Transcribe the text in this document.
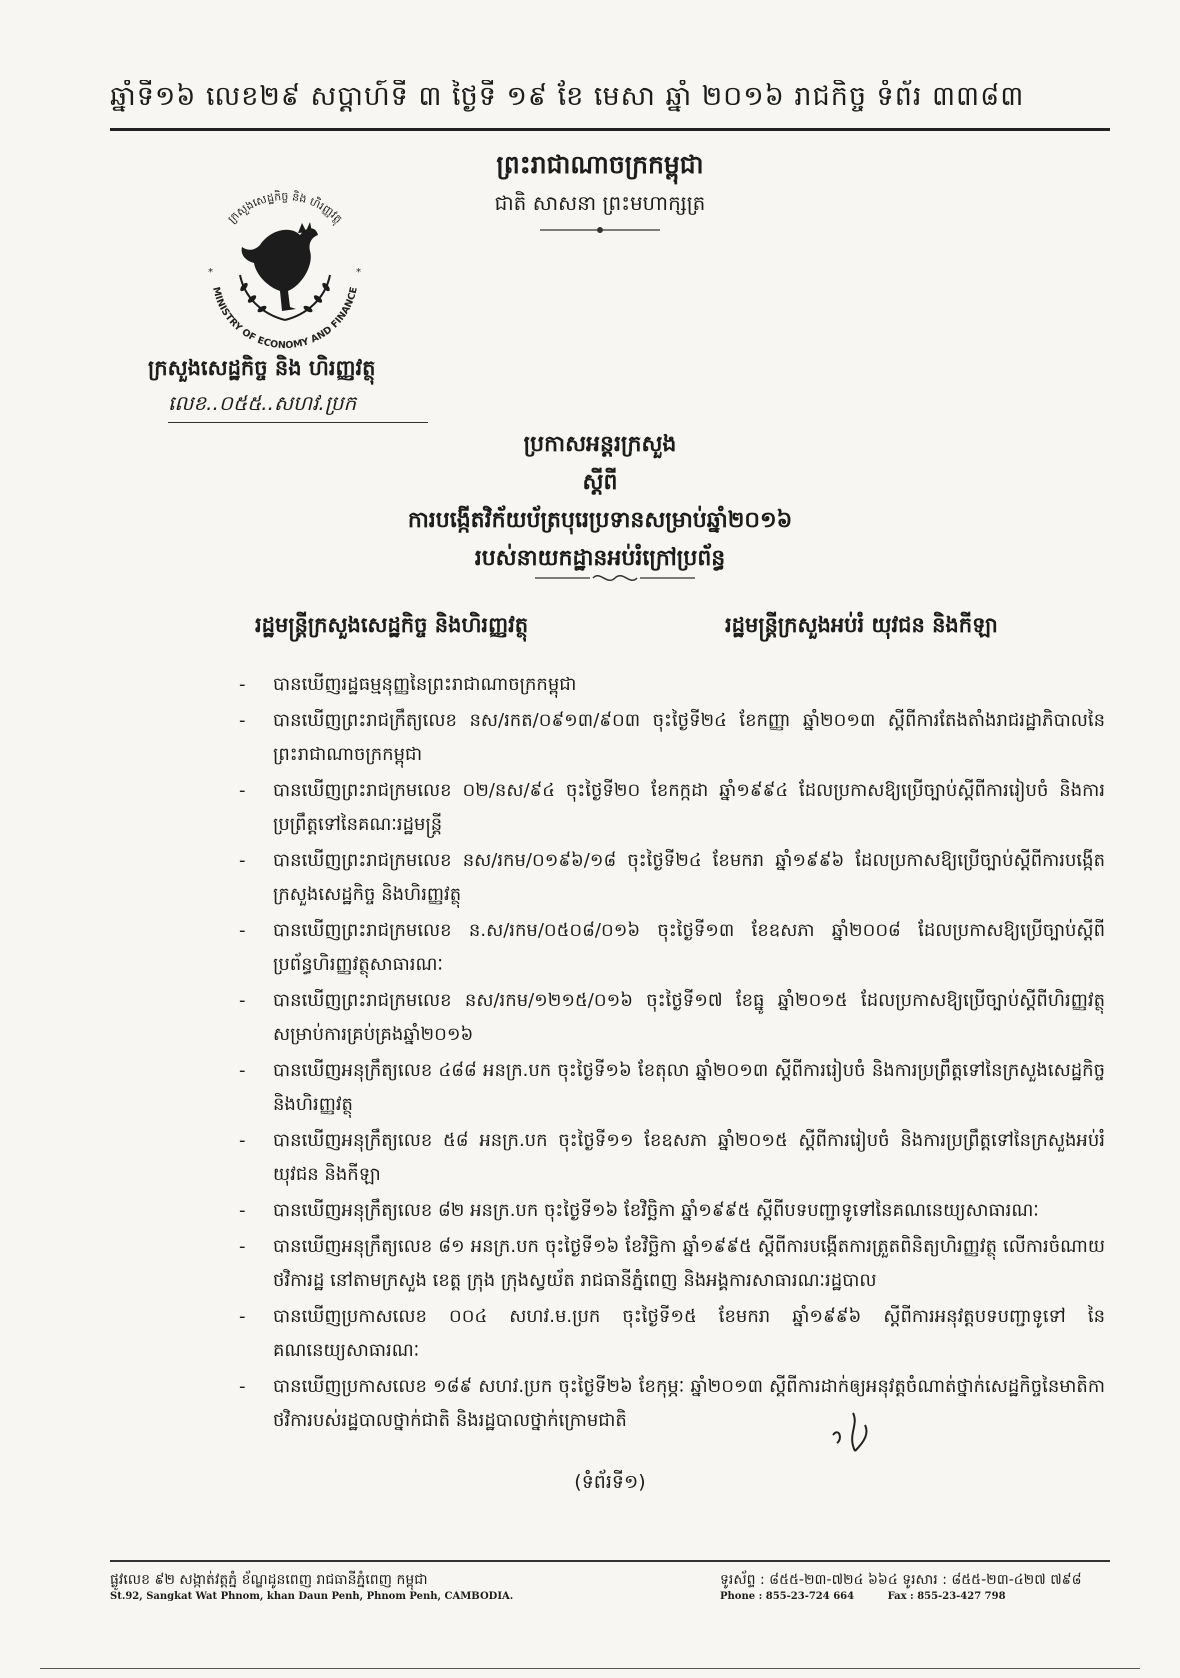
ឆ្នាំទី១៦ លេខ២៩ សប្តាហ៍ទី ៣ ថ្ងៃទី ១៩ ខែ មេសា ឆ្នាំ ២០១៦ រាជកិច្ច ទំព័រ ៣៣៨៣
ព្រះរាជាណាចក្រកម្ពុជា
ជាតិ សាសនា ព្រះមហាក្សត្រ
ក្រសួងសេដ្ឋកិច្ច និង ហិរញ្ញវត្ថុ
MINISTRY OF ECONOMY AND FINANCE
*	*
ក្រសួងសេដ្ឋកិច្ច និង ហិរញ្ញវត្ថុ
លេខ..០៥៥..សហវ.ប្រក
ប្រកាសអន្តរក្រសួង
ស្តីពី
ការបង្កើតវិក័យប័ត្របុរេប្រទានសម្រាប់ឆ្នាំ២០១៦
របស់នាយកដ្ឋានអប់រំក្រៅប្រព័ន្ធ
រដ្ឋមន្ត្រីក្រសួងសេដ្ឋកិច្ច និងហិរញ្ញវត្ថុ	រដ្ឋមន្ត្រីក្រសួងអប់រំ យុវជន និងកីឡា
- បានឃើញរដ្ឋធម្មនុញ្ញនៃព្រះរាជាណាចក្រកម្ពុជា
- បានឃើញព្រះរាជក្រឹត្យលេខ នស/រកត/០៩១៣/៩០៣ ចុះថ្ងៃទី២៤ ខែកញ្ញា ឆ្នាំ២០១៣ ស្តីពីការតែងតាំងរាជរដ្ឋាភិបាលនៃព្រះរាជាណាចក្រកម្ពុជា
- បានឃើញព្រះរាជក្រមលេខ ០២/នស/៩៤ ចុះថ្ងៃទី២០ ខែកក្កដា ឆ្នាំ១៩៩៤ ដែលប្រកាសឱ្យប្រើច្បាប់ស្តីពីការរៀបចំ និងការប្រព្រឹត្តទៅនៃគណៈរដ្ឋមន្ត្រី
- បានឃើញព្រះរាជក្រមលេខ នស/រកម/០១៩៦/១៨ ចុះថ្ងៃទី២៤ ខែមករា ឆ្នាំ១៩៩៦ ដែលប្រកាសឱ្យប្រើច្បាប់ស្តីពីការបង្កើតក្រសួងសេដ្ឋកិច្ច និងហិរញ្ញវត្ថុ
- បានឃើញព្រះរាជក្រមលេខ ន.ស/រកម/០៥០៨/០១៦ ចុះថ្ងៃទី១៣ ខែឧសភា ឆ្នាំ២០០៨ ដែលប្រកាសឱ្យប្រើច្បាប់ស្តីពីប្រព័ន្ធហិរញ្ញវត្ថុសាធារណៈ
- បានឃើញព្រះរាជក្រមលេខ នស/រកម/១២១៥/០១៦ ចុះថ្ងៃទី១៧ ខែធ្នូ ឆ្នាំ២០១៥ ដែលប្រកាសឱ្យប្រើច្បាប់ស្តីពីហិរញ្ញវត្ថុសម្រាប់ការគ្រប់គ្រងឆ្នាំ២០១៦
- បានឃើញអនុក្រឹត្យលេខ ៤៨៨ អនក្រ.បក ចុះថ្ងៃទី១៦ ខែតុលា ឆ្នាំ២០១៣ ស្តីពីការរៀបចំ និងការប្រព្រឹត្តទៅនៃក្រសួងសេដ្ឋកិច្ច និងហិរញ្ញវត្ថុ
- បានឃើញអនុក្រឹត្យលេខ ៥៨ អនក្រ.បក ចុះថ្ងៃទី១១ ខែឧសភា ឆ្នាំ២០១៥ ស្តីពីការរៀបចំ និងការប្រព្រឹត្តទៅនៃក្រសួងអប់រំ យុវជន និងកីឡា
- បានឃើញអនុក្រឹត្យលេខ ៨២ អនក្រ.បក ចុះថ្ងៃទី១៦ ខែវិច្ឆិកា ឆ្នាំ១៩៩៥ ស្តីពីបទបញ្ជាទូទៅនៃគណនេយ្យសាធារណៈ
- បានឃើញអនុក្រឹត្យលេខ ៨១ អនក្រ.បក ចុះថ្ងៃទី១៦ ខែវិច្ឆិកា ឆ្នាំ១៩៩៥ ស្តីពីការបង្កើតការត្រួតពិនិត្យហិរញ្ញវត្ថុ លើការចំណាយថវិការដ្ឋ នៅតាមក្រសួង ខេត្ត ក្រុង ក្រុងស្វយ័ត រាជធានីភ្នំពេញ និងអង្គការសាធារណៈរដ្ឋបាល
- បានឃើញប្រកាសលេខ ០០៤ សហវ.ម.ប្រក ចុះថ្ងៃទី១៥ ខែមករា ឆ្នាំ១៩៩៦ ស្តីពីការអនុវត្តបទបញ្ជាទូទៅ នៃគណនេយ្យសាធារណៈ
- បានឃើញប្រកាសលេខ ១៨៩ សហវ.ប្រក ចុះថ្ងៃទី២៦ ខែកុម្ភៈ ឆ្នាំ២០១៣ ស្តីពីការដាក់ឲ្យអនុវត្តចំណាត់ថ្នាក់សេដ្ឋកិច្ចនៃមាតិកាថវិការបស់រដ្ឋបាលថ្នាក់ជាតិ និងរដ្ឋបាលថ្នាក់ក្រោមជាតិ
(ទំព័រទី១)
ផ្លូវលេខ ៩២ សង្កាត់វត្តភ្នំ ខ័ណ្ឌដូនពេញ រាជធានីភ្នំពេញ កម្ពុជា
St.92, Sangkat Wat Phnom, khan Daun Penh, Phnom Penh, CAMBODIA.
ទូរស័ព្ទ : ៨៥៥-២៣-៧២៤ ៦៦៤ ទូរសារ : ៨៥៥-២៣-៤២៧ ៧៩៨
Phone : 855-23-724 664	Fax : 855-23-427 798
